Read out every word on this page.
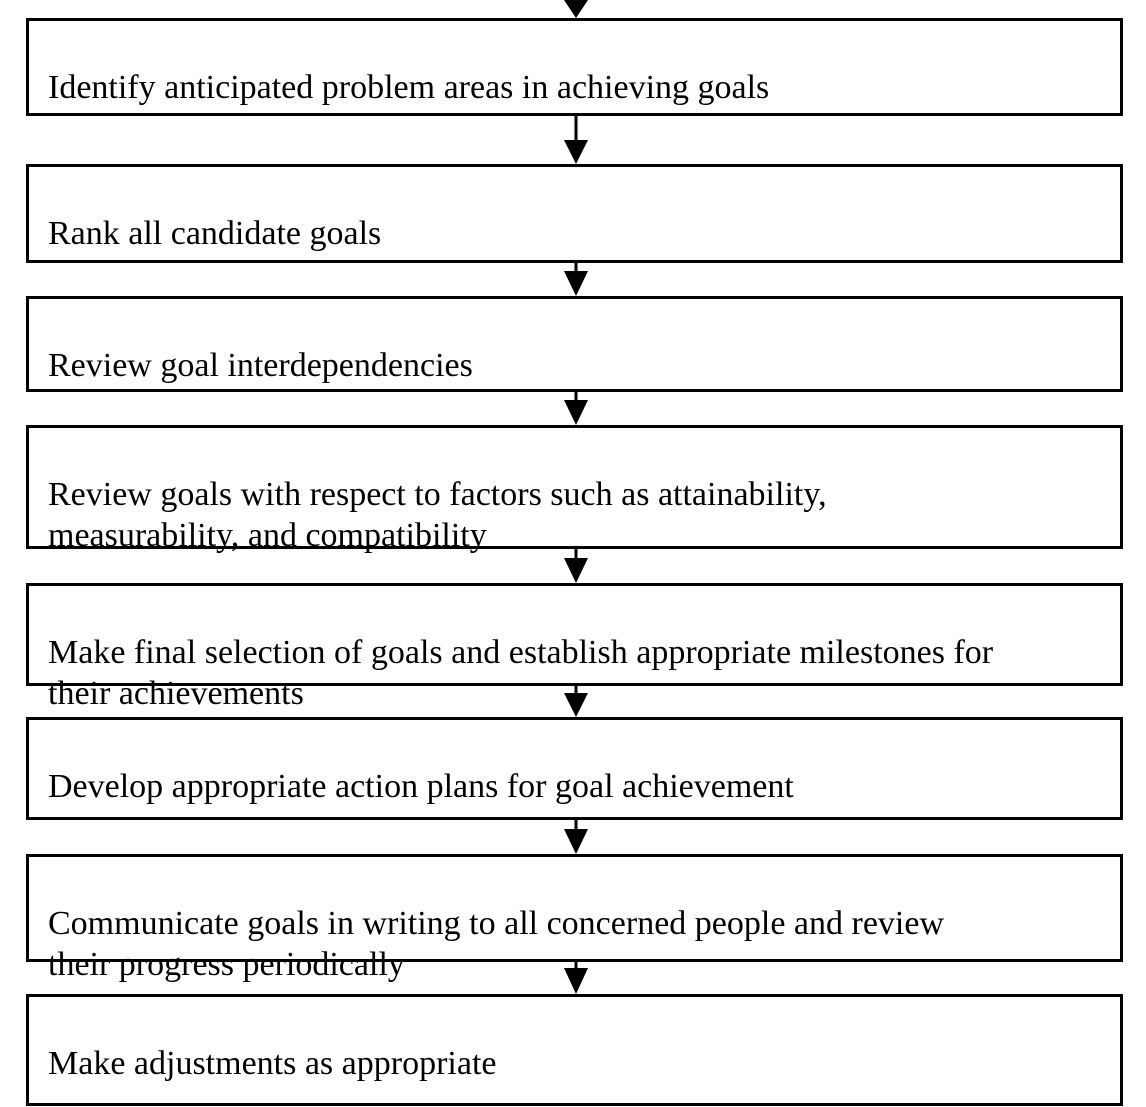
Identify anticipated problem areas in achieving goals

Rank all candidate goals

Review goal interdependencies

Review goals with respect to factors such as attainability,
measurability, and compatibility

Make final selection of goals and establish appropriate milestones for
their achievements

Develop appropriate action plans for goal achievement

Communicate goals in writing to all concerned people and review
their progress periodically

Make adjustments as appropriate
